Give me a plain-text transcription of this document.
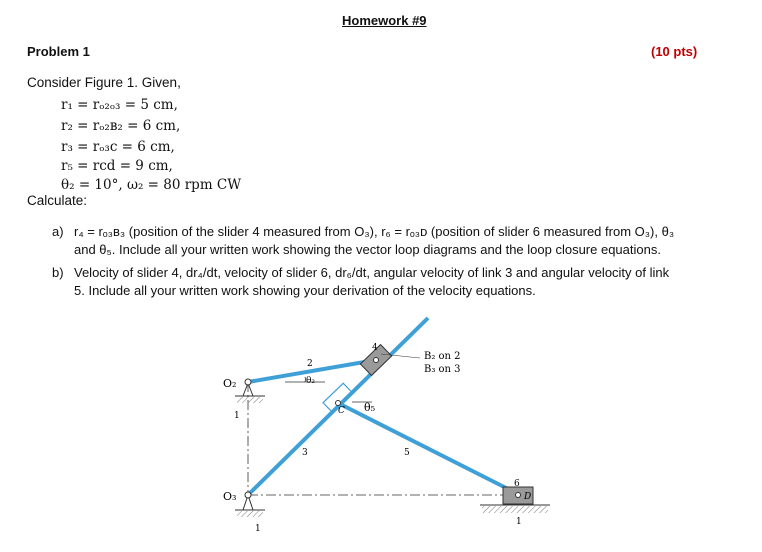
Homework #9
Problem 1	(10 pts)
Consider Figure 1. Given,
r₁ = rₒ₂ₒ₃ = 5 cm,
r₂ = rₒ₂ʙ₂ = 6 cm,
r₃ = rₒ₃c = 6 cm,
r₅ = rcd = 9 cm,
θ₂ = 10°, ω₂ = 80 rpm CW
Calculate:
a) r₄ = rₒ₃ʙ₃ (position of the slider 4 measured from O₃), r₆ = rₒ₃ᴅ (position of slider 6 measured from O₃), θ₃
and θ₅. Include all your written work showing the vector loop diagrams and the loop closure equations.
b) Velocity of slider 4, dr₄/dt, velocity of slider 6, dr₆/dt, angular velocity of link 3 and angular velocity of link
5. Include all your written work showing your derivation of the velocity equations.
O₂
O₃
1
1
1
2
θ₂
3
4
5
6
C
D
θ₅
B₂ on 2
B₃ on 3
